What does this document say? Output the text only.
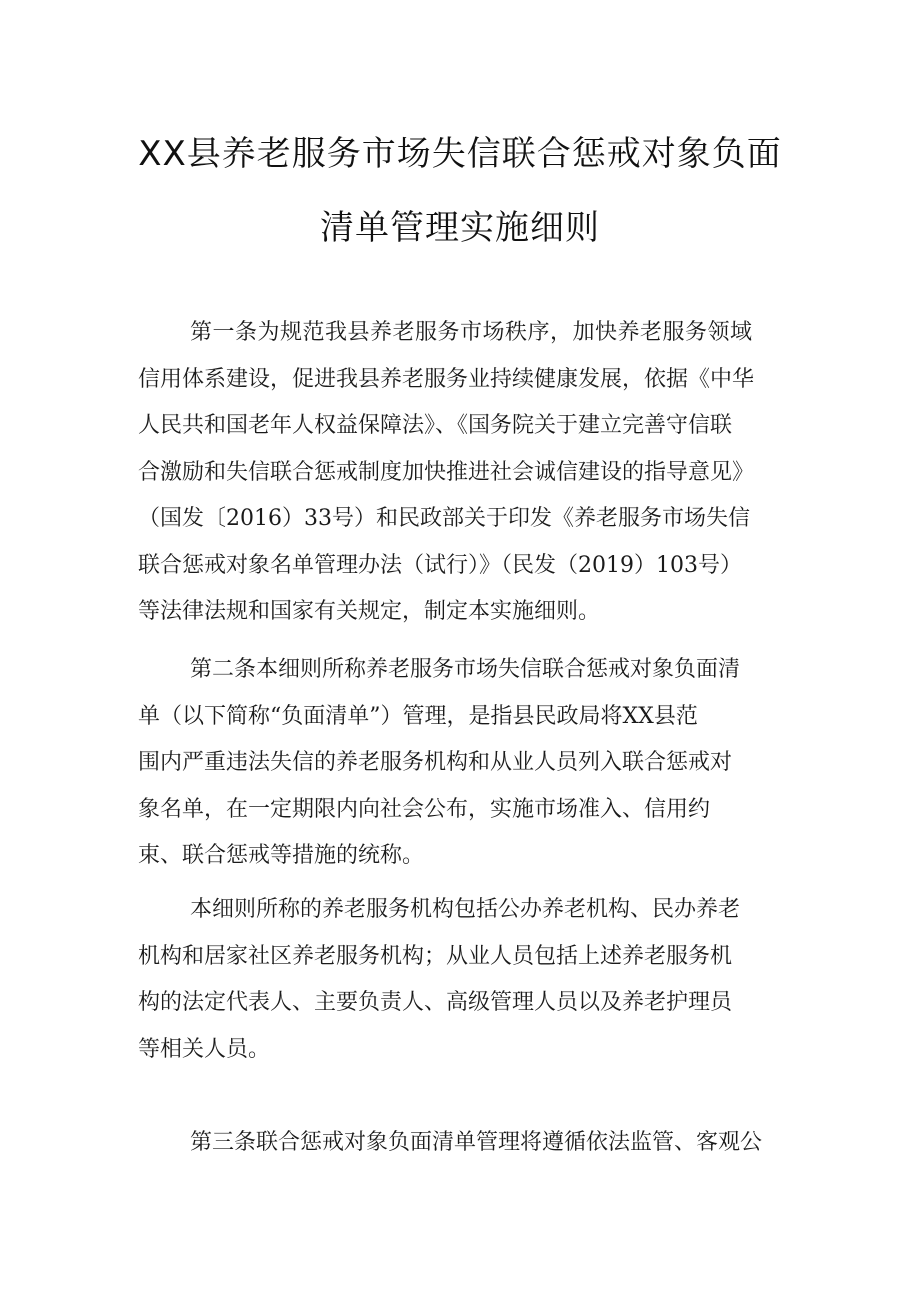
XX县养老服务市场失信联合惩戒对象负面
清单管理实施细则
第一条为规范我县养老服务市场秩序，加快养老服务领域
信用体系建设，促进我县养老服务业持续健康发展，依据《中华
人民共和国老年人权益保障法》、《国务院关于建立完善守信联
合激励和失信联合惩戒制度加快推进社会诚信建设的指导意见》
（国发〔2016）33号）和民政部关于印发《养老服务市场失信
联合惩戒对象名单管理办法（试行）》（民发（2019）103号）
等法律法规和国家有关规定，制定本实施细则。
第二条本细则所称养老服务市场失信联合惩戒对象负面清
单（以下简称“负面清单”）管理，是指县民政局将XX县范
围内严重违法失信的养老服务机构和从业人员列入联合惩戒对
象名单，在一定期限内向社会公布，实施市场准入、信用约
束、联合惩戒等措施的统称。
本细则所称的养老服务机构包括公办养老机构、民办养老
机构和居家社区养老服务机构；从业人员包括上述养老服务机
构的法定代表人、主要负责人、高级管理人员以及养老护理员
等相关人员。
第三条联合惩戒对象负面清单管理将遵循依法监管、客观公
